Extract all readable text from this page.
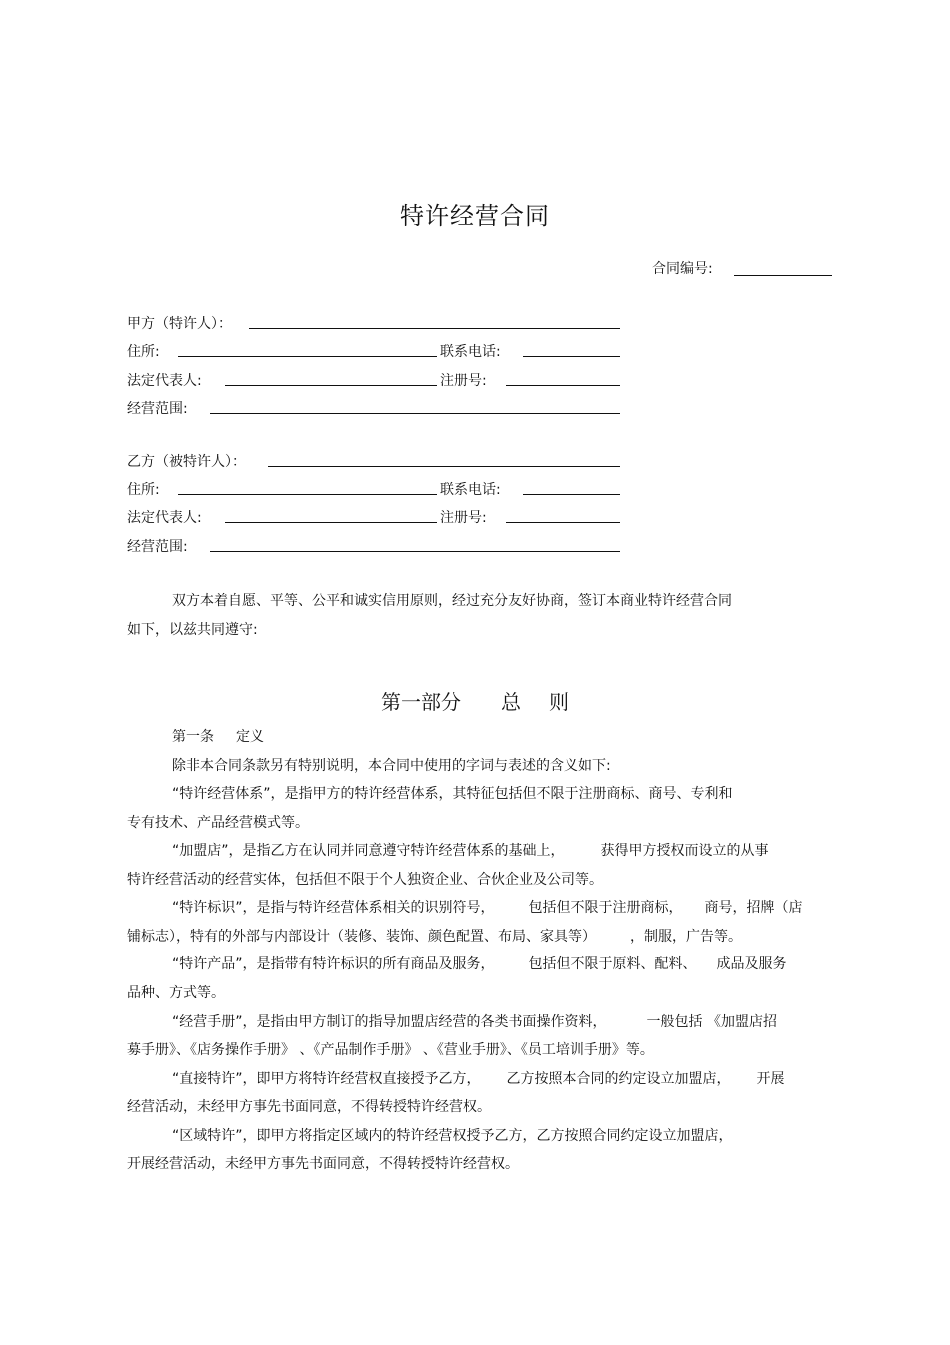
特许经营合同
合同编号:
甲方（特许人）：
住所:	联系电话:
法定代表人:	注册号:
经营范围:
乙方（被特许人）：
住所:	联系电话:
法定代表人:	注册号:
经营范围:
双方本着自愿、平等、公平和诚实信用原则，经过充分友好协商，签订本商业特许经营合同
如下，以兹共同遵守:
第一部分 总 则
第一条 定义
除非本合同条款另有特别说明，本合同中使用的字词与表述的含义如下:
“特许经营体系”，是指甲方的特许经营体系，其特征包括但不限于注册商标、商号、专利和
专有技术、产品经营模式等。
“加盟店”，是指乙方在认同并同意遵守特许经营体系的基础上，	获得甲方授权而设立的从事
特许经营活动的经营实体，包括但不限于个人独资企业、合伙企业及公司等。
“特许标识”，是指与特许经营体系相关的识别符号， 包括但不限于注册商标， 商号，招牌（店
铺标志），特有的外部与内部设计（装修、装饰、颜色配置、布局、家具等） ，制服，广告等。
“特许产品”，是指带有特许标识的所有商品及服务， 包括但不限于原料、配料、 成品及服务
品种、方式等。
“经营手册”，是指由甲方制订的指导加盟店经营的各类书面操作资料，	一般包括 《加盟店招
募手册》、《店务操作手册》 、《产品制作手册》 、《营业手册》、《员工培训手册》等。
“直接特许”，即甲方将特许经营权直接授予乙方， 乙方按照本合同的约定设立加盟店， 开展
经营活动，未经甲方事先书面同意，不得转授特许经营权。
“区域特许”，即甲方将指定区域内的特许经营权授予乙方，乙方按照合同约定设立加盟店，
开展经营活动，未经甲方事先书面同意，不得转授特许经营权。
